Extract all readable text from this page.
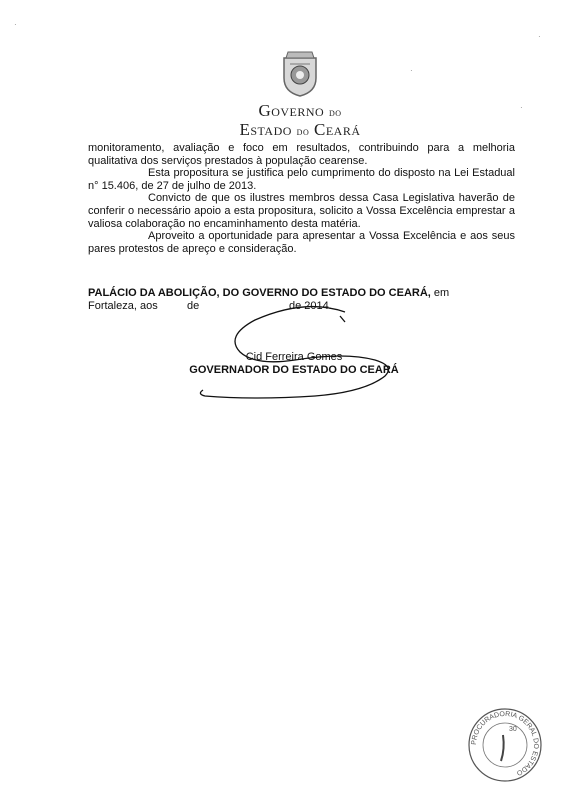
Governo do
Estado do Ceará

monitoramento, avaliação e foco em resultados, contribuindo para a melhoria qualitativa dos serviços prestados à população cearense.

Esta propositura se justifica pelo cumprimento do disposto na Lei Estadual n° 15.406, de 27 de julho de 2013.

Convicto de que os ilustres membros dessa Casa Legislativa haverão de conferir o necessário apoio a esta propositura, solicito a Vossa Excelência emprestar a valiosa colaboração no encaminhamento desta matéria.

Aproveito a oportunidade para apresentar a Vossa Excelência e aos seus pares protestos de apreço e consideração.

PALÁCIO DA ABOLIÇÃO, DO GOVERNO DO ESTADO DO CEARÁ, em

Fortaleza, aos	de	de 2014.
Cid Ferreira Gomes
GOVERNADOR DO ESTADO DO CEARÁ
PROCURADORIA GERAL DO ESTADO
30
·
·
·
·
